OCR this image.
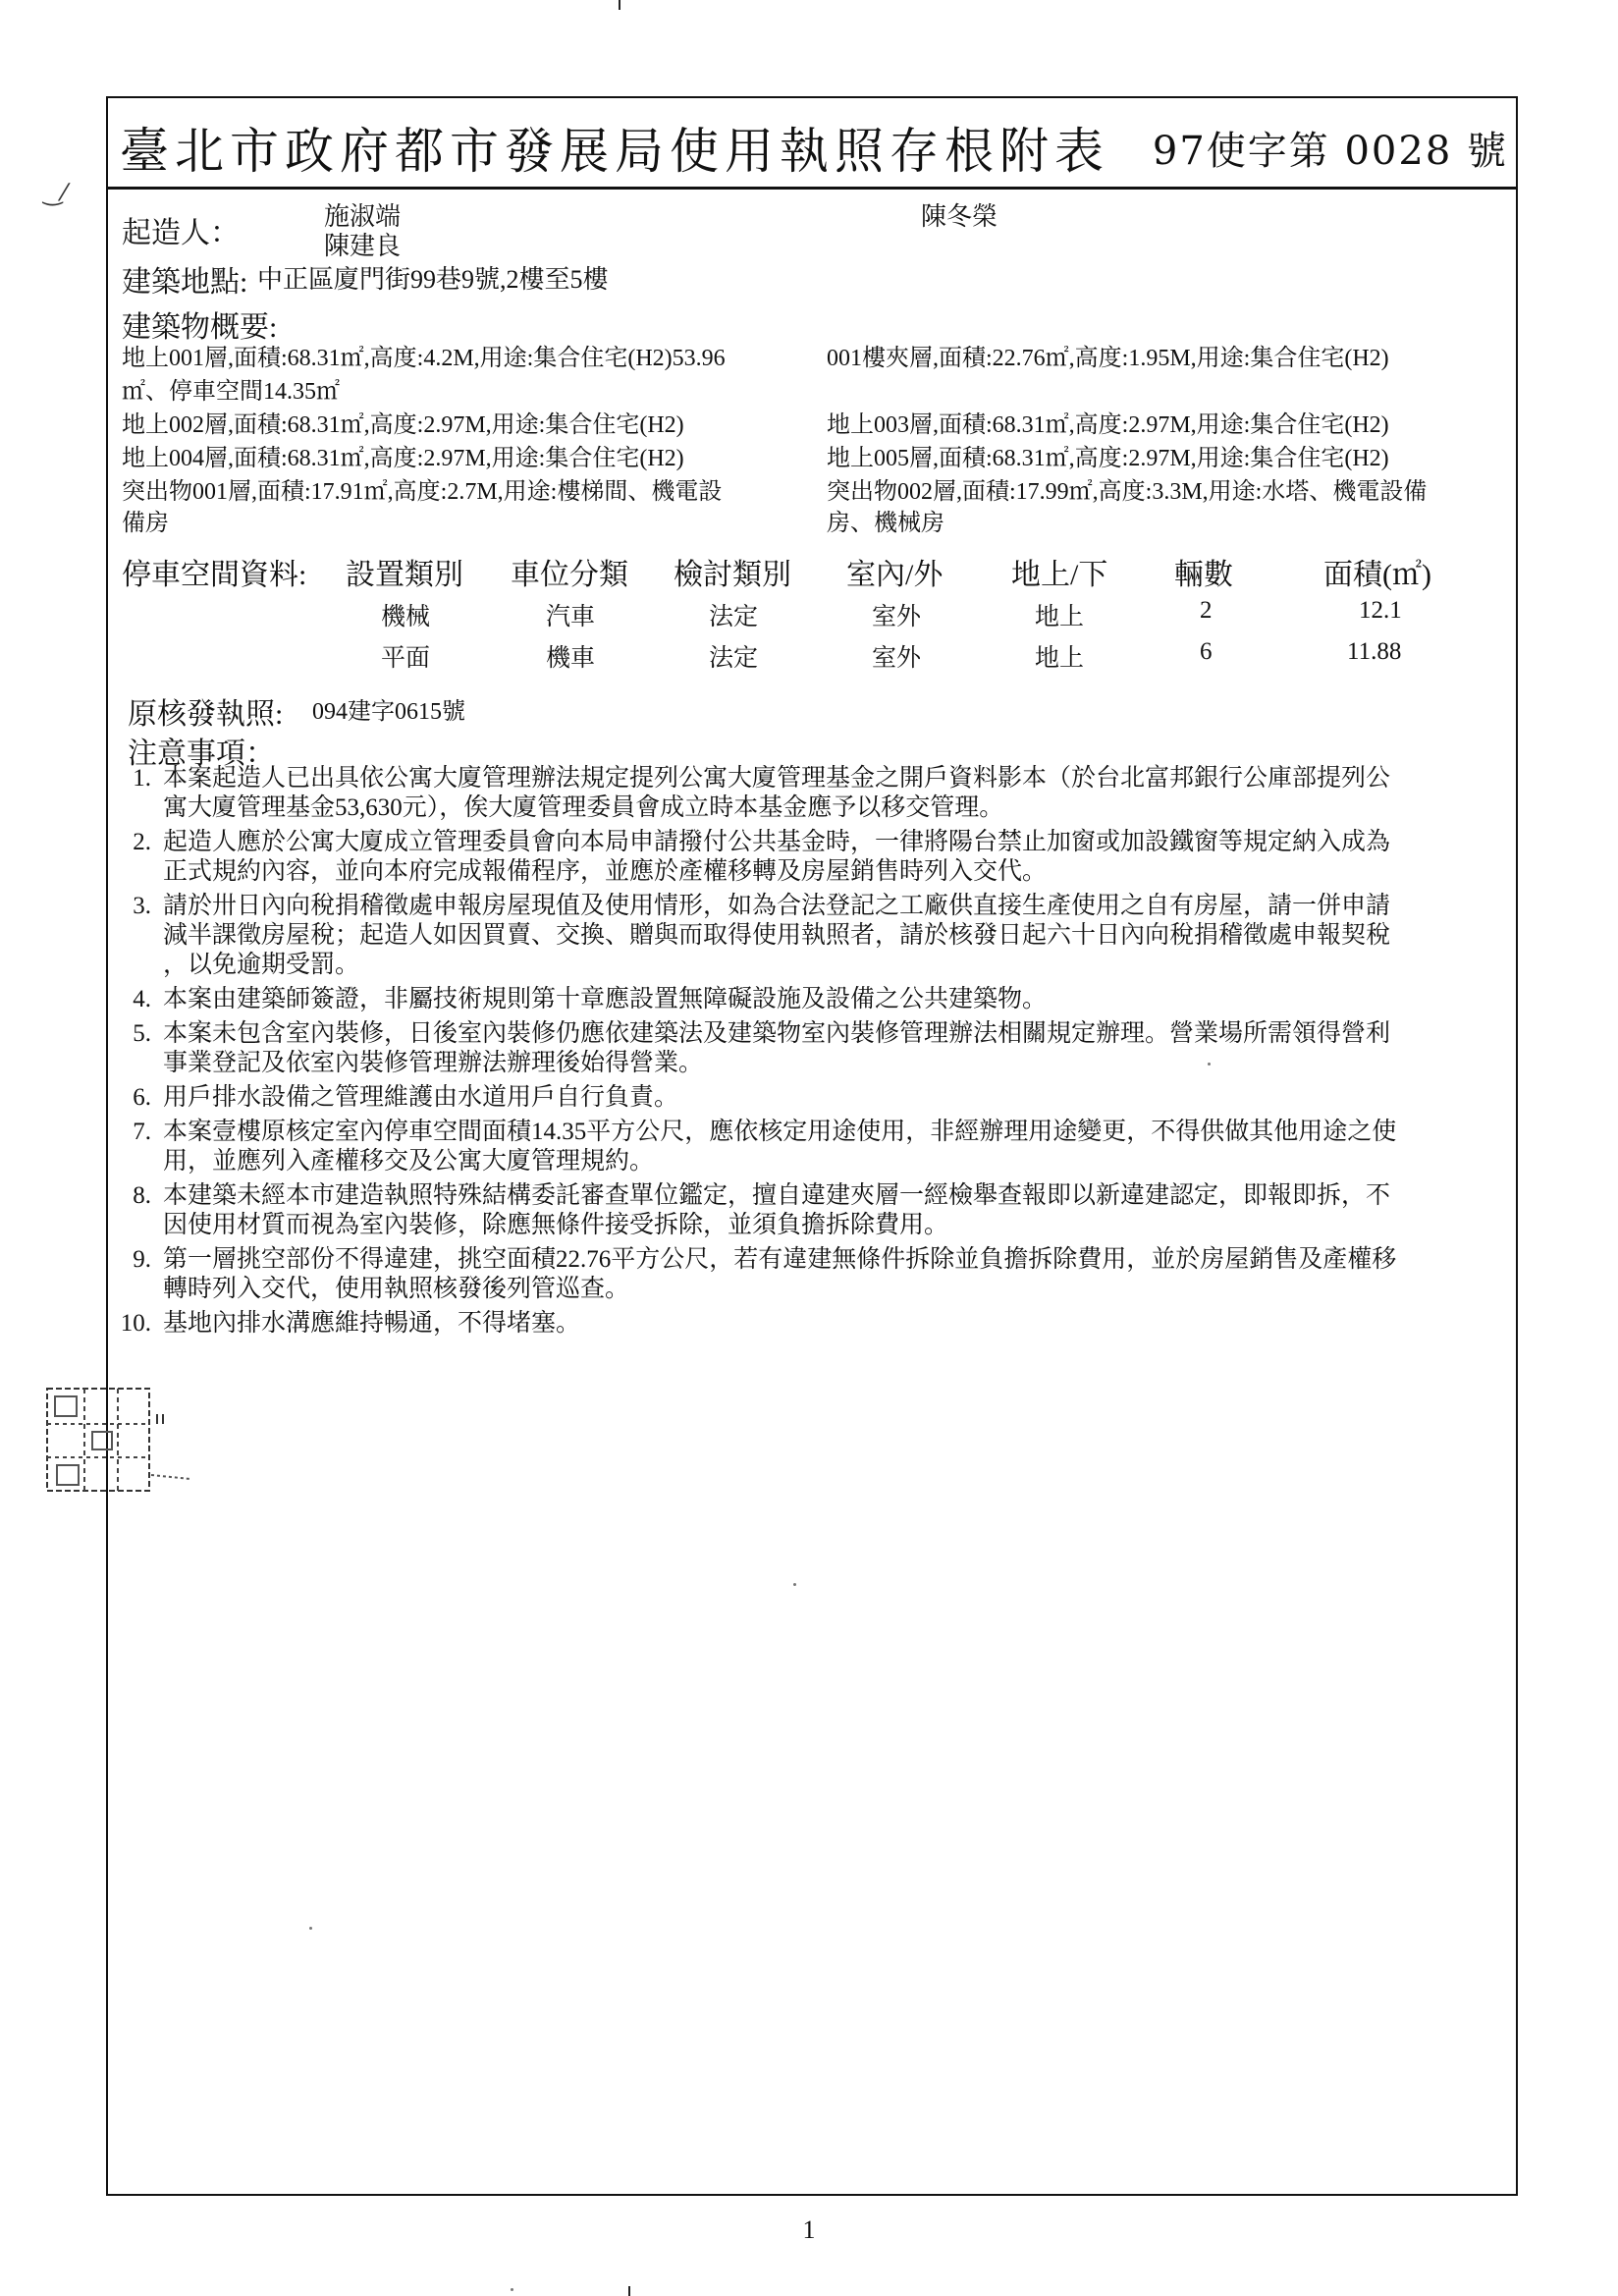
臺北市政府都市發展局使用執照存根附表 97使字第 0028 號
‿⁄
起造人：
施淑端
陳建良
陳冬榮
建築地點: 中正區廈門街99巷9號,2樓至5樓
建築物概要:
地上001層,面積:68.31㎡,高度:4.2M,用途:集合住宅(H2)53.96
㎡、停車空間14.35㎡
地上002層,面積:68.31㎡,高度:2.97M,用途:集合住宅(H2)
地上004層,面積:68.31㎡,高度:2.97M,用途:集合住宅(H2)
突出物001層,面積:17.91㎡,高度:2.7M,用途:樓梯間、機電設
備房
001樓夾層,面積:22.76㎡,高度:1.95M,用途:集合住宅(H2)
地上003層,面積:68.31㎡,高度:2.97M,用途:集合住宅(H2)
地上005層,面積:68.31㎡,高度:2.97M,用途:集合住宅(H2)
突出物002層,面積:17.99㎡,高度:3.3M,用途:水塔、機電設備
房、機械房
停車空間資料: 設置類別 車位分類 檢討類別 室內/外 地上/下 輛數	面積(㎡)
機械	汽車	法定	室外	地上	2	12.1
平面	機車	法定	室外	地上	6	11.88
原核發執照: 094建字0615號
注意事項：
1. 本案起造人已出具依公寓大廈管理辦法規定提列公寓大廈管理基金之開戶資料影本（於台北富邦銀行公庫部提列公
寓大廈管理基金53,630元），俟大廈管理委員會成立時本基金應予以移交管理。
2. 起造人應於公寓大廈成立管理委員會向本局申請撥付公共基金時，一律將陽台禁止加窗或加設鐵窗等規定納入成為
正式規約內容，並向本府完成報備程序，並應於產權移轉及房屋銷售時列入交代。
3. 請於卅日內向稅捐稽徵處申報房屋現值及使用情形，如為合法登記之工廠供直接生產使用之自有房屋，請一併申請
減半課徵房屋稅；起造人如因買賣、交換、贈與而取得使用執照者，請於核發日起六十日內向稅捐稽徵處申報契稅
，以免逾期受罰。
4. 本案由建築師簽證，非屬技術規則第十章應設置無障礙設施及設備之公共建築物。
5. 本案未包含室內裝修，日後室內裝修仍應依建築法及建築物室內裝修管理辦法相關規定辦理。營業場所需領得營利
事業登記及依室內裝修管理辦法辦理後始得營業。
6. 用戶排水設備之管理維護由水道用戶自行負責。
7. 本案壹樓原核定室內停車空間面積14.35平方公尺，應依核定用途使用，非經辦理用途變更，不得供做其他用途之使
用，並應列入產權移交及公寓大廈管理規約。
8. 本建築未經本市建造執照特殊結構委託審查單位鑑定，擅自違建夾層一經檢舉查報即以新違建認定，即報即拆，不
因使用材質而視為室內裝修，除應無條件接受拆除，並須負擔拆除費用。
9. 第一層挑空部份不得違建，挑空面積22.76平方公尺，若有違建無條件拆除並負擔拆除費用，並於房屋銷售及產權移
轉時列入交代，使用執照核發後列管巡查。
10. 基地內排水溝應維持暢通，不得堵塞。
1
